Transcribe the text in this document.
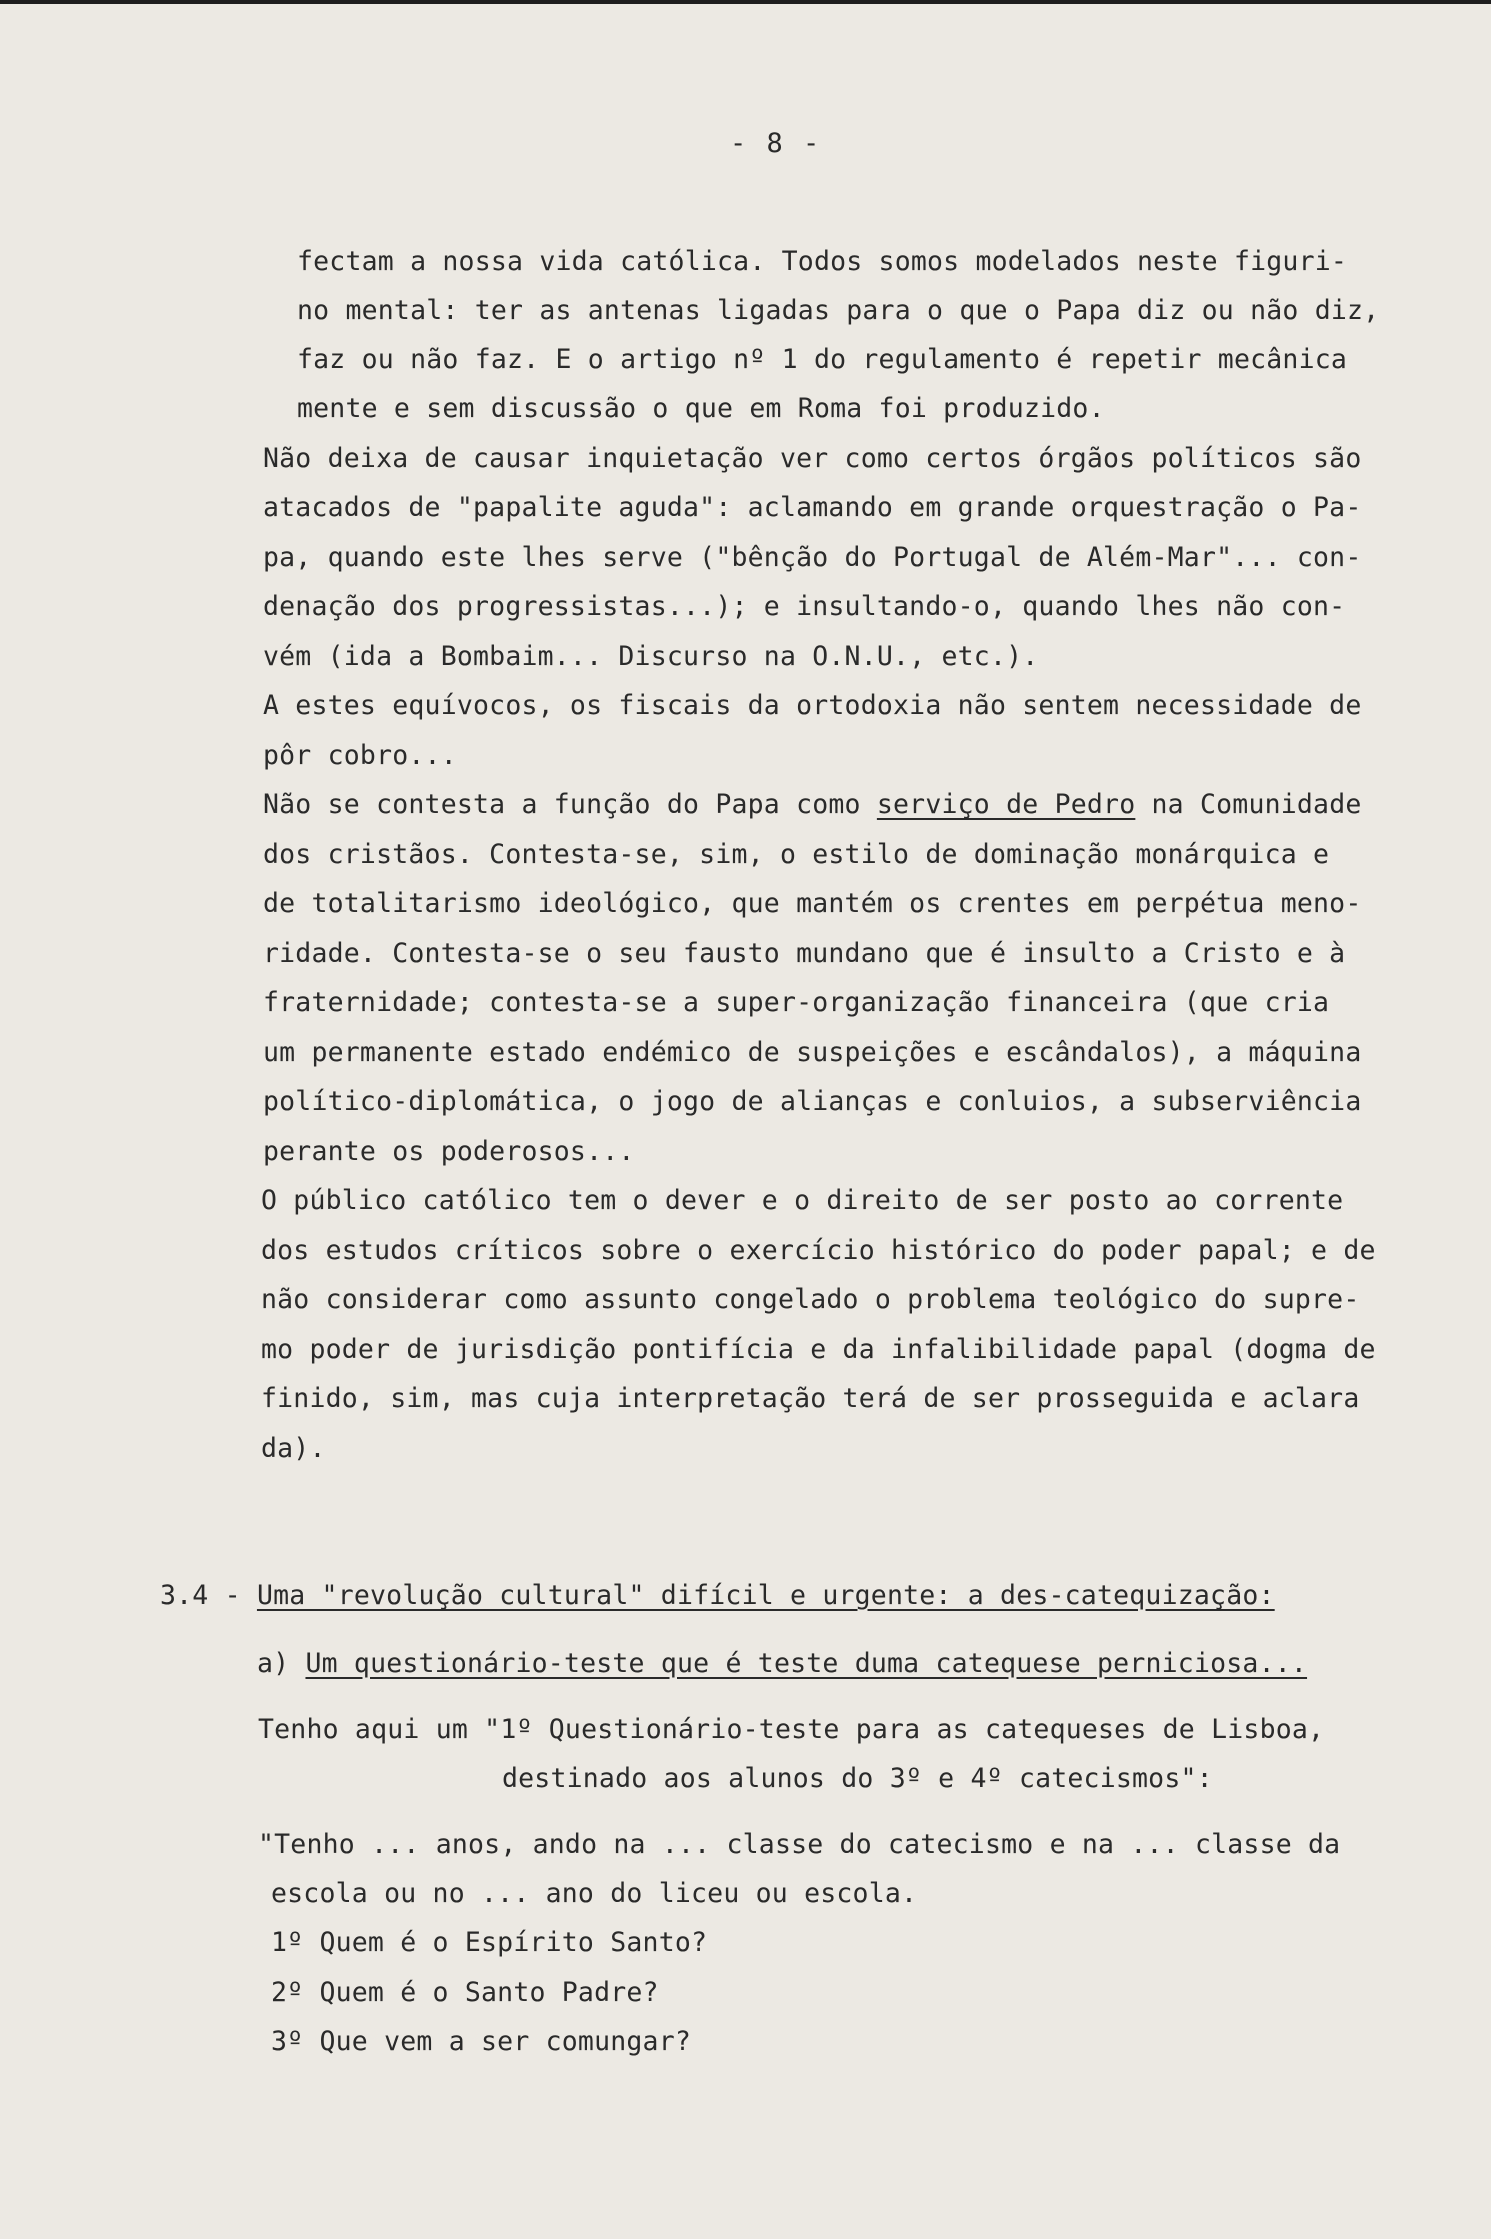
- 8 -
fectam a nossa vida católica. Todos somos modelados neste figuri-
no mental: ter as antenas ligadas para o que o Papa diz ou não diz,
faz ou não faz. E o artigo nº 1 do regulamento é repetir mecânica
mente e sem discussão o que em Roma foi produzido.
Não deixa de causar inquietação ver como certos órgãos políticos são
atacados de "papalite aguda": aclamando em grande orquestração o Pa-
pa, quando este lhes serve ("bênção do Portugal de Além-Mar"... con-
denação dos progressistas...); e insultando-o, quando lhes não con-
vém (ida a Bombaim... Discurso na O.N.U., etc.).
A estes equívocos, os fiscais da ortodoxia não sentem necessidade de
pôr cobro...
Não se contesta a função do Papa como serviço de Pedro na Comunidade
dos cristãos. Contesta-se, sim, o estilo de dominação monárquica e
de totalitarismo ideológico, que mantém os crentes em perpétua meno-
ridade. Contesta-se o seu fausto mundano que é insulto a Cristo e à
fraternidade; contesta-se a super-organização financeira (que cria
um permanente estado endémico de suspeições e escândalos), a máquina
político-diplomática, o jogo de alianças e conluios, a subserviência
perante os poderosos...
O público católico tem o dever e o direito de ser posto ao corrente
dos estudos críticos sobre o exercício histórico do poder papal; e de
não considerar como assunto congelado o problema teológico do supre-
mo poder de jurisdição pontifícia e da infalibilidade papal (dogma de
finido, sim, mas cuja interpretação terá de ser prosseguida e aclara
da).
3.4 - Uma "revolução cultural" difícil e urgente: a des-catequização:
a) Um questionário-teste que é teste duma catequese perniciosa...
Tenho aqui um "1º Questionário-teste para as catequeses de Lisboa,
destinado aos alunos do 3º e 4º catecismos":
"Tenho ... anos, ando na ... classe do catecismo e na ... classe da
escola ou no ... ano do liceu ou escola.
1º Quem é o Espírito Santo?
2º Quem é o Santo Padre?
3º Que vem a ser comungar?
